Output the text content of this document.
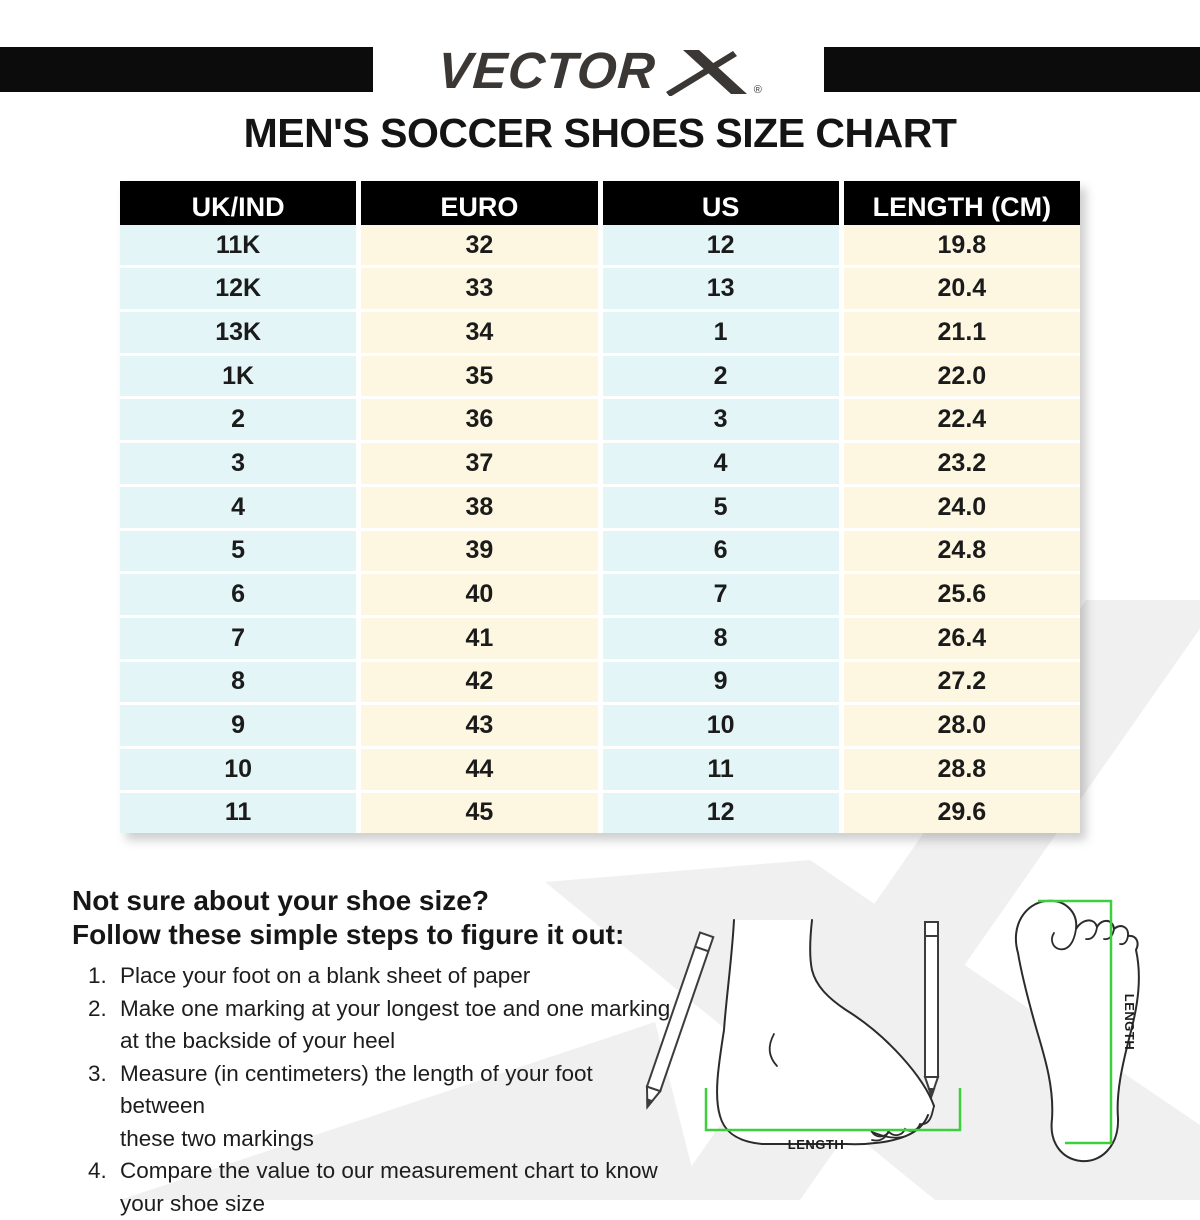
VECTOR	®
MEN'S SOCCER SHOES SIZE CHART
UK/IND	EURO	US	LENGTH (CM)
11K	32	12	19.8
12K	33	13	20.4
13K	34	1	21.1
1K	35	2	22.0
2	36	3	22.4
3	37	4	23.2
4	38	5	24.0
5	39	6	24.8
6	40	7	25.6
7	41	8	26.4
8	42	9	27.2
9	43	10	28.0
10	44	11	28.8
11	45	12	29.6
Not sure about your shoe size?
Follow these simple steps to figure it out:
1. Place your foot on a blank sheet of paper
2. Make one marking at your longest toe and one marking
at the backside of your heel
3. Measure (in centimeters) the length of your foot between
these two markings
4. Compare the value to our measurement chart to know
your shoe size
LENGTH
LENGTH
